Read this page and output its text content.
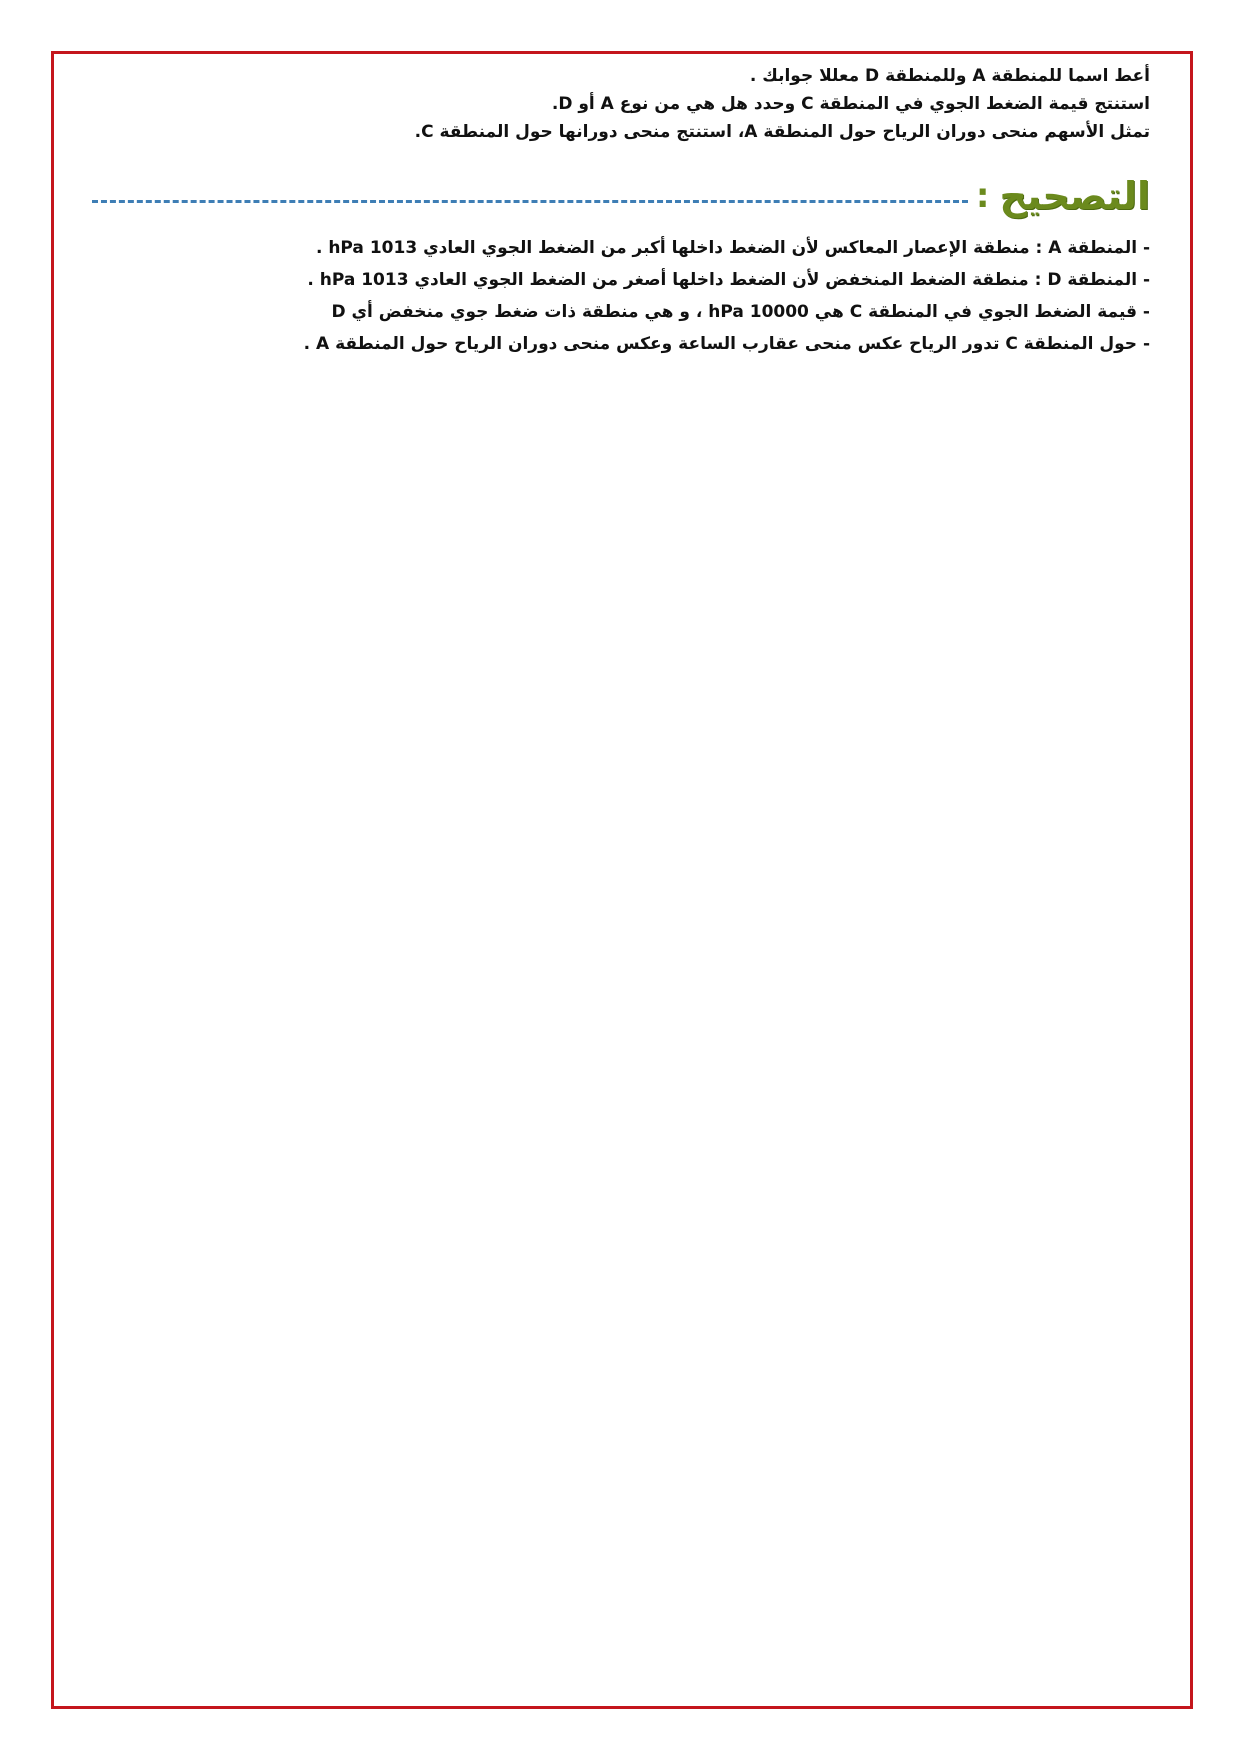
أعط اسما للمنطقة A وللمنطقة D معللا جوابك .

استنتج قيمة الضغط الجوي في المنطقة C وحدد هل هي من نوع A أو D.

تمثل الأسهم منحى دوران الرياح حول المنطقة A، استنتج منحى دورانها حول المنطقة C.

التصحيح
:

- المنطقة A : منطقة الإعصار المعاكس لأن الضغط داخلها أكبر من الضغط الجوي العادي 1013 hPa .

- المنطقة D : منطقة الضغط المنخفض لأن الضغط داخلها أصغر من الضغط الجوي العادي 1013 hPa .

- قيمة الضغط الجوي في المنطقة C هي 10000 hPa ، و هي منطقة ذات ضغط جوي منخفض أي D

- حول المنطقة C تدور الرياح عكس منحى عقارب الساعة وعكس منحى دوران الرياح حول المنطقة A .
